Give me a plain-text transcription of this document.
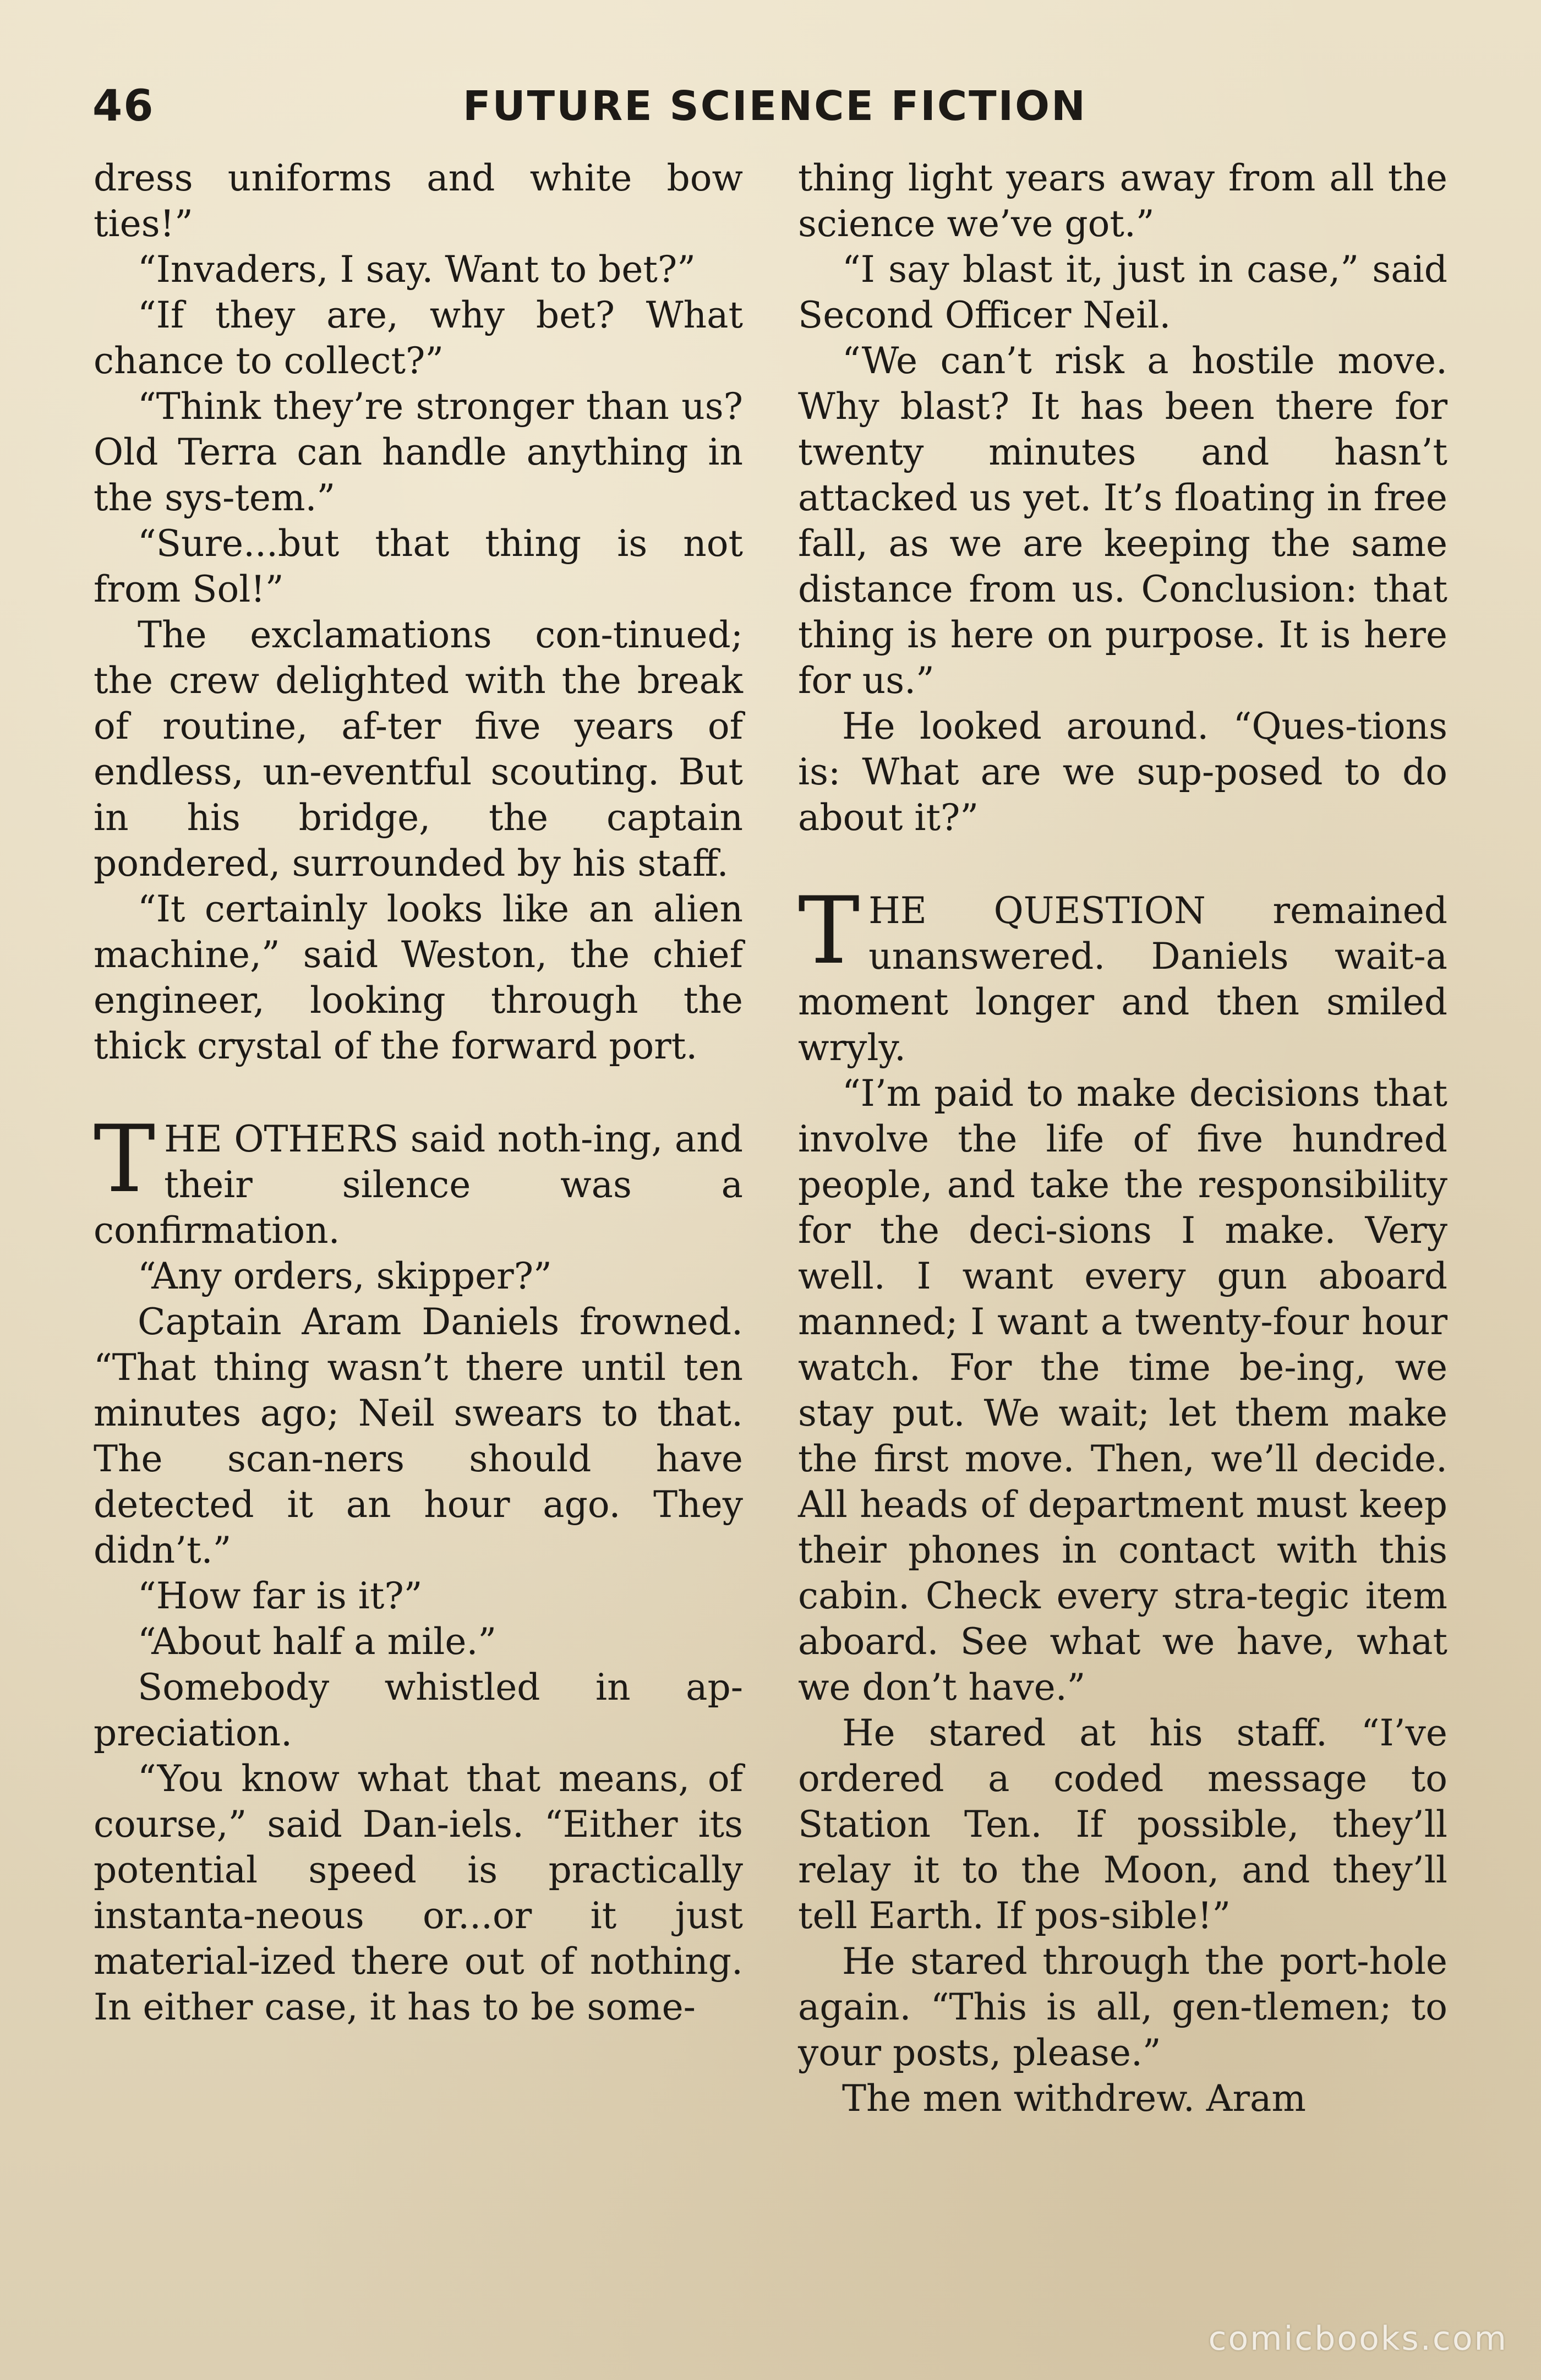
46	FUTURE SCIENCE FICTION

dress uniforms and white bow ties!”

“Invaders, I say. Want to bet?”

“If they are, why bet? What chance to collect?”

“Think they’re stronger than us? Old Terra can handle anything in the sys-tem.”

“Sure...but that thing is not from Sol!”

The exclamations con-tinued; the crew delighted with the break of routine, af-ter five years of endless, un-eventful scouting. But in his bridge, the captain pondered, surrounded by his staff.

“It certainly looks like an alien machine,” said Weston, the chief engineer, looking through the thick crystal of the forward port.

THE OTHERS said noth-ing, and their silence was a confirmation.

“Any orders, skipper?”

Captain Aram Daniels frowned. “That thing wasn’t there until ten minutes ago; Neil swears to that. The scan-ners should have detected it an hour ago. They didn’t.”

“How far is it?”

“About half a mile.”

Somebody whistled in ap-preciation.

“You know what that means, of course,” said Dan-iels. “Either its potential speed is practically instanta-neous or...or it just material-ized there out of nothing. In either case, it has to be some-

thing light years away from all the science we’ve got.”

“I say blast it, just in case,” said Second Officer Neil.

“We can’t risk a hostile move. Why blast? It has been there for twenty minutes and hasn’t attacked us yet. It’s floating in free fall, as we are keeping the same distance from us. Conclusion: that thing is here on purpose. It is here for us.”

He looked around. “Ques-tions is: What are we sup-posed to do about it?”

THE QUESTION remained unanswered. Daniels wait-a moment longer and then smiled wryly.

“I’m paid to make decisions that involve the life of five hundred people, and take the responsibility for the deci-sions I make. Very well. I want every gun aboard manned; I want a twenty-four hour watch. For the time be-ing, we stay put. We wait; let them make the first move. Then, we’ll decide. All heads of department must keep their phones in contact with this cabin. Check every stra-tegic item aboard. See what we have, what we don’t have.”

He stared at his staff. “I’ve ordered a coded message to Station Ten. If possible, they’ll relay it to the Moon, and they’ll tell Earth. If pos-sible!”

He stared through the port-hole again. “This is all, gen-tlemen; to your posts, please.”

The men withdrew. Aram

comicbooks.com
